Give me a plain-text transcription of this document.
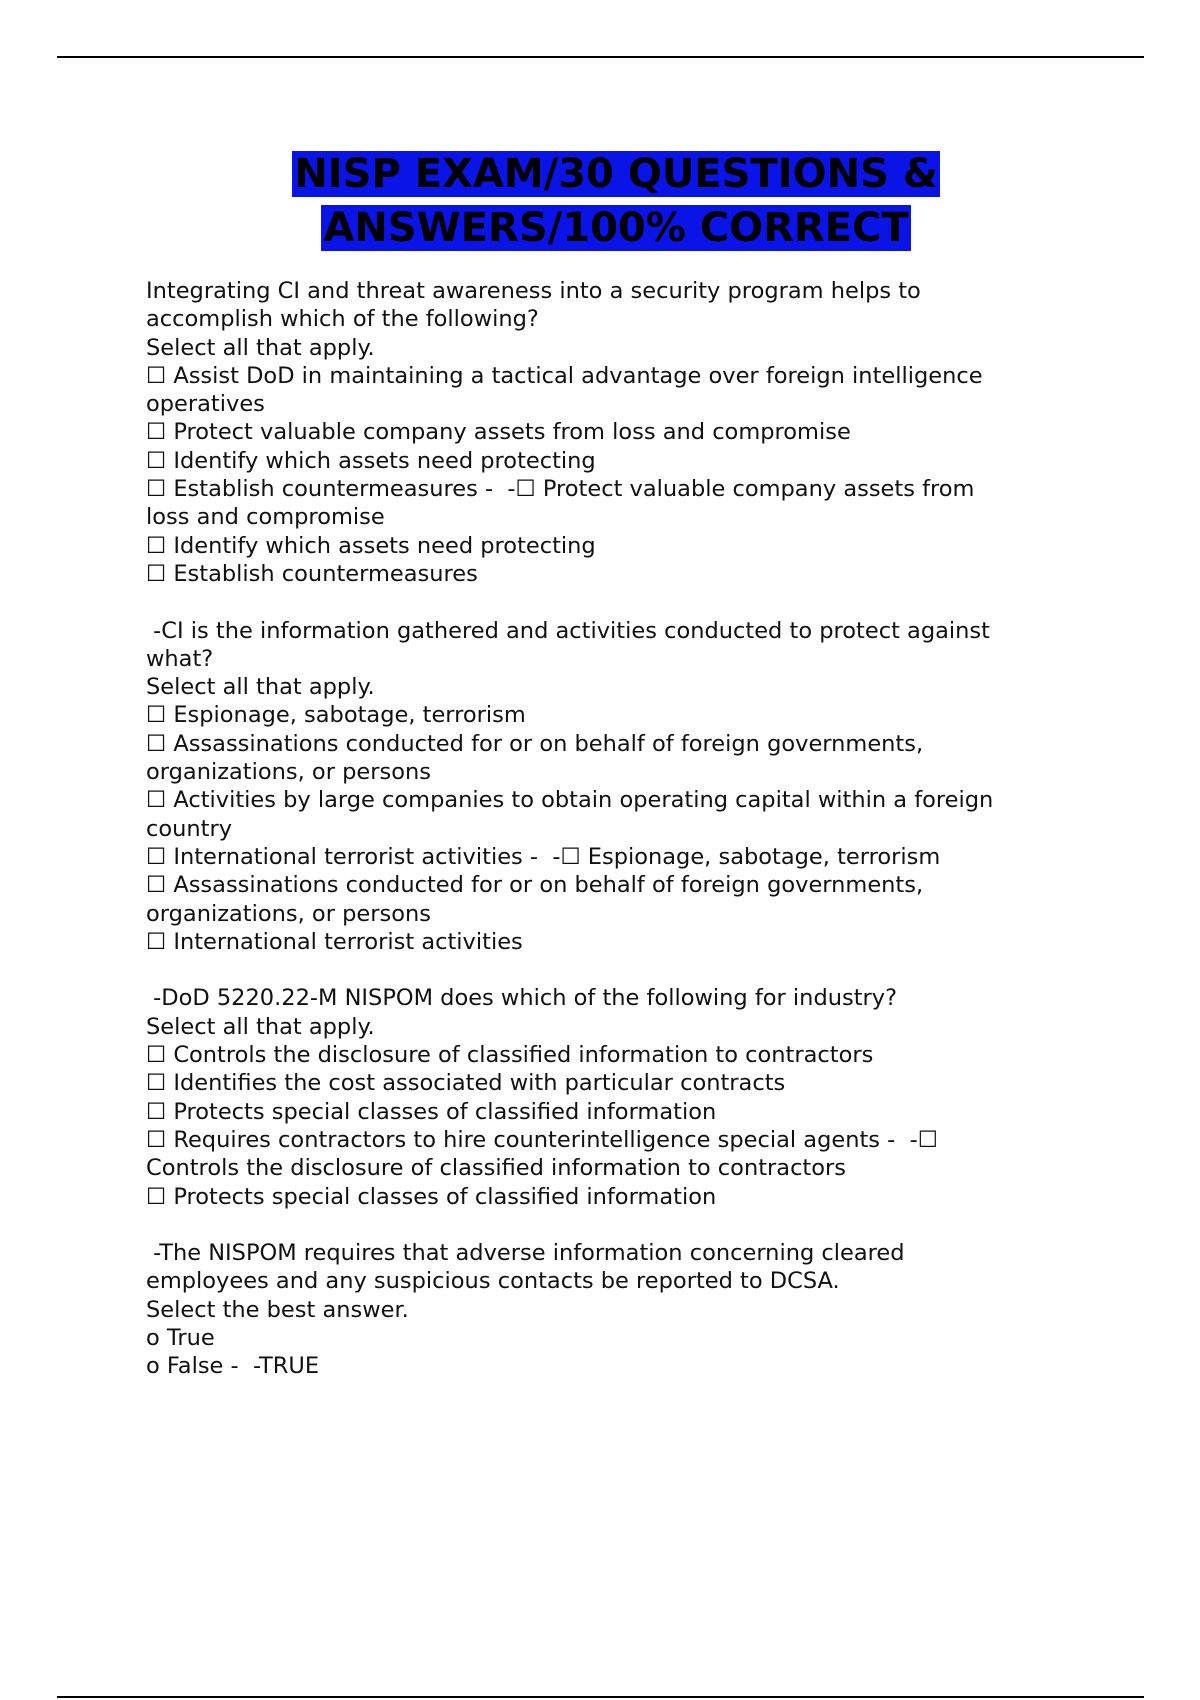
NISP EXAM/30 QUESTIONS &
ANSWERS/100% CORRECT
Integrating CI and threat awareness into a security program helps to
accomplish which of the following?
Select all that apply.
☐ Assist DoD in maintaining a tactical advantage over foreign intelligence
operatives
☐ Protect valuable company assets from loss and compromise
☐ Identify which assets need protecting
☐ Establish countermeasures -  -☐ Protect valuable company assets from
loss and compromise
☐ Identify which assets need protecting
☐ Establish countermeasures
-CI is the information gathered and activities conducted to protect against
what?
Select all that apply.
☐ Espionage, sabotage, terrorism
☐ Assassinations conducted for or on behalf of foreign governments,
organizations, or persons
☐ Activities by large companies to obtain operating capital within a foreign
country
☐ International terrorist activities -  -☐ Espionage, sabotage, terrorism
☐ Assassinations conducted for or on behalf of foreign governments,
organizations, or persons
☐ International terrorist activities
-DoD 5220.22-M NISPOM does which of the following for industry?
Select all that apply.
☐ Controls the disclosure of classified information to contractors
☐ Identifies the cost associated with particular contracts
☐ Protects special classes of classified information
☐ Requires contractors to hire counterintelligence special agents -  -☐
Controls the disclosure of classified information to contractors
☐ Protects special classes of classified information
-The NISPOM requires that adverse information concerning cleared
employees and any suspicious contacts be reported to DCSA.
Select the best answer.
o True
o False -  -TRUE
